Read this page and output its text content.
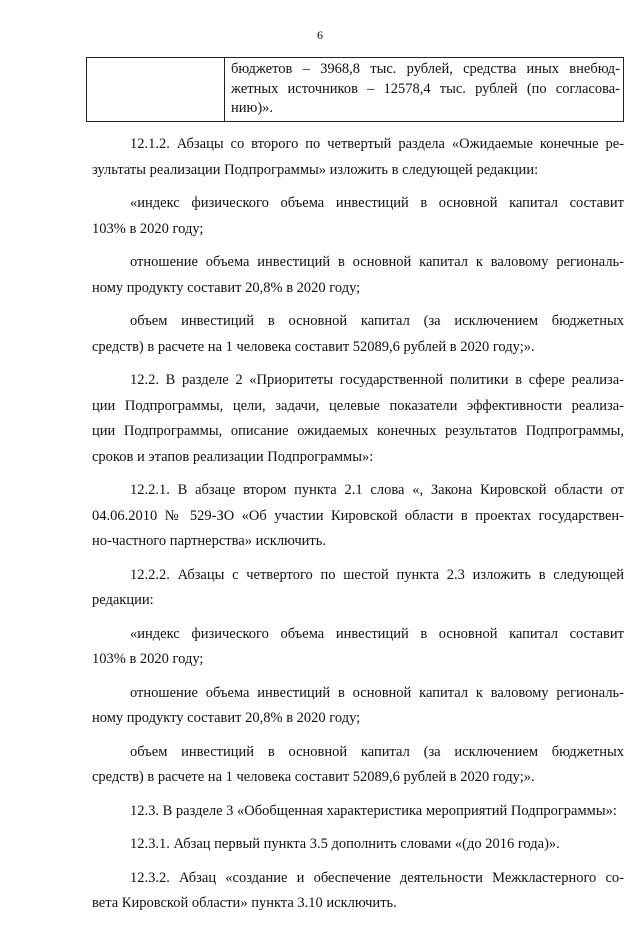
6

бюджетов – 3968,8 тыс. рублей, средства иных внебюд-
жетных источников – 12578,4 тыс. рублей (по согласова-
нию)».

12.1.2. Абзацы со второго по четвертый раздела «Ожидаемые конечные ре-
зультаты реализации Подпрограммы» изложить в следующей редакции:

«индекс физического объема инвестиций в основной капитал составит
103% в 2020 году;

отношение объема инвестиций в основной капитал к валовому региональ-
ному продукту составит 20,8% в 2020 году;

объем инвестиций в основной капитал (за исключением бюджетных
средств) в расчете на 1 человека составит 52089,6 рублей в 2020 году;».

12.2. В разделе 2 «Приоритеты государственной политики в сфере реализа-
ции Подпрограммы, цели, задачи, целевые показатели эффективности реализа-
ции Подпрограммы, описание ожидаемых конечных результатов Подпрограммы,
сроков и этапов реализации Подпрограммы»:

12.2.1. В абзаце втором пункта 2.1 слова «, Закона Кировской области от
04.06.2010 № 529-ЗО «Об участии Кировской области в проектах государствен-
но-частного партнерства» исключить.

12.2.2. Абзацы с четвертого по шестой пункта 2.3 изложить в следующей
редакции:

«индекс физического объема инвестиций в основной капитал составит
103% в 2020 году;

отношение объема инвестиций в основной капитал к валовому региональ-
ному продукту составит 20,8% в 2020 году;

объем инвестиций в основной капитал (за исключением бюджетных
средств) в расчете на 1 человека составит 52089,6 рублей в 2020 году;».

12.3. В разделе 3 «Обобщенная характеристика мероприятий Подпрограммы»:

12.3.1. Абзац первый пункта 3.5 дополнить словами «(до 2016 года)».

12.3.2. Абзац «создание и обеспечение деятельности Межкластерного со-
вета Кировской области» пункта 3.10 исключить.
